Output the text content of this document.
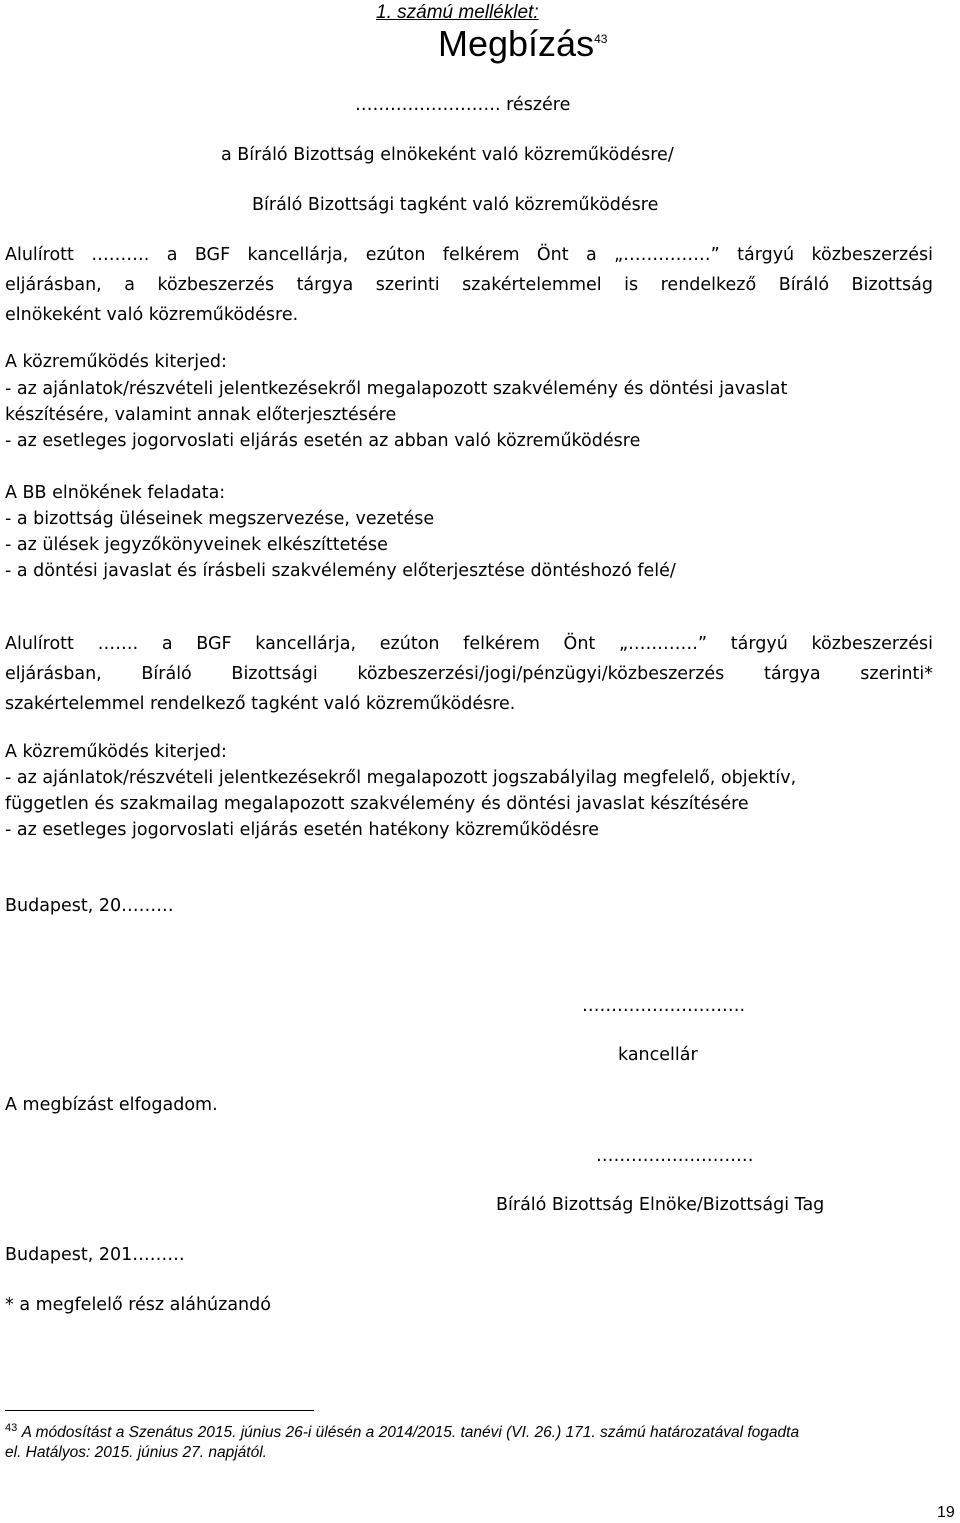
1. számú melléklet:
Megbízás$^{43}$
……………………. részére
a Bíráló Bizottság elnökeként való közreműködésre/
Bíráló Bizottsági tagként való közreműködésre
Alulírott ………. a BGF kancellárja, ezúton felkérem Önt a „……………” tárgyú közbeszerzési
eljárásban, a közbeszerzés tárgya szerinti szakértelemmel is rendelkező Bíráló Bizottság
elnökeként való közreműködésre.
A közreműködés kiterjed:
- az ajánlatok/részvételi jelentkezésekről megalapozott szakvélemény és döntési javaslat
készítésére, valamint annak előterjesztésére
- az esetleges jogorvoslati eljárás esetén az abban való közreműködésre
A BB elnökének feladata:
- a bizottság üléseinek megszervezése, vezetése
- az ülések jegyzőkönyveinek elkészíttetése
- a döntési javaslat és írásbeli szakvélemény előterjesztése döntéshozó felé/
Alulírott ……. a BGF kancellárja, ezúton felkérem Önt „…………” tárgyú közbeszerzési
eljárásban, Bíráló Bizottsági közbeszerzési/jogi/pénzügyi/közbeszerzés tárgya szerinti*
szakértelemmel rendelkező tagként való közreműködésre.
A közreműködés kiterjed:
- az ajánlatok/részvételi jelentkezésekről megalapozott jogszabályilag megfelelő, objektív,
független és szakmailag megalapozott szakvélemény és döntési javaslat készítésére
- az esetleges jogorvoslati eljárás esetén hatékony közreműködésre
Budapest, 20………
……………………….
kancellár
A megbízást elfogadom.
………………………
Bíráló Bizottság Elnöke/Bizottsági Tag
Budapest, 201………
* a megfelelő rész aláhúzandó
$^{43}$ A módosítást a Szenátus 2015. június 26-i ülésén a 2014/2015. tanévi (VI. 26.) 171. számú határozatával fogadta
el. Hatályos: 2015. június 27. napjától.
19
